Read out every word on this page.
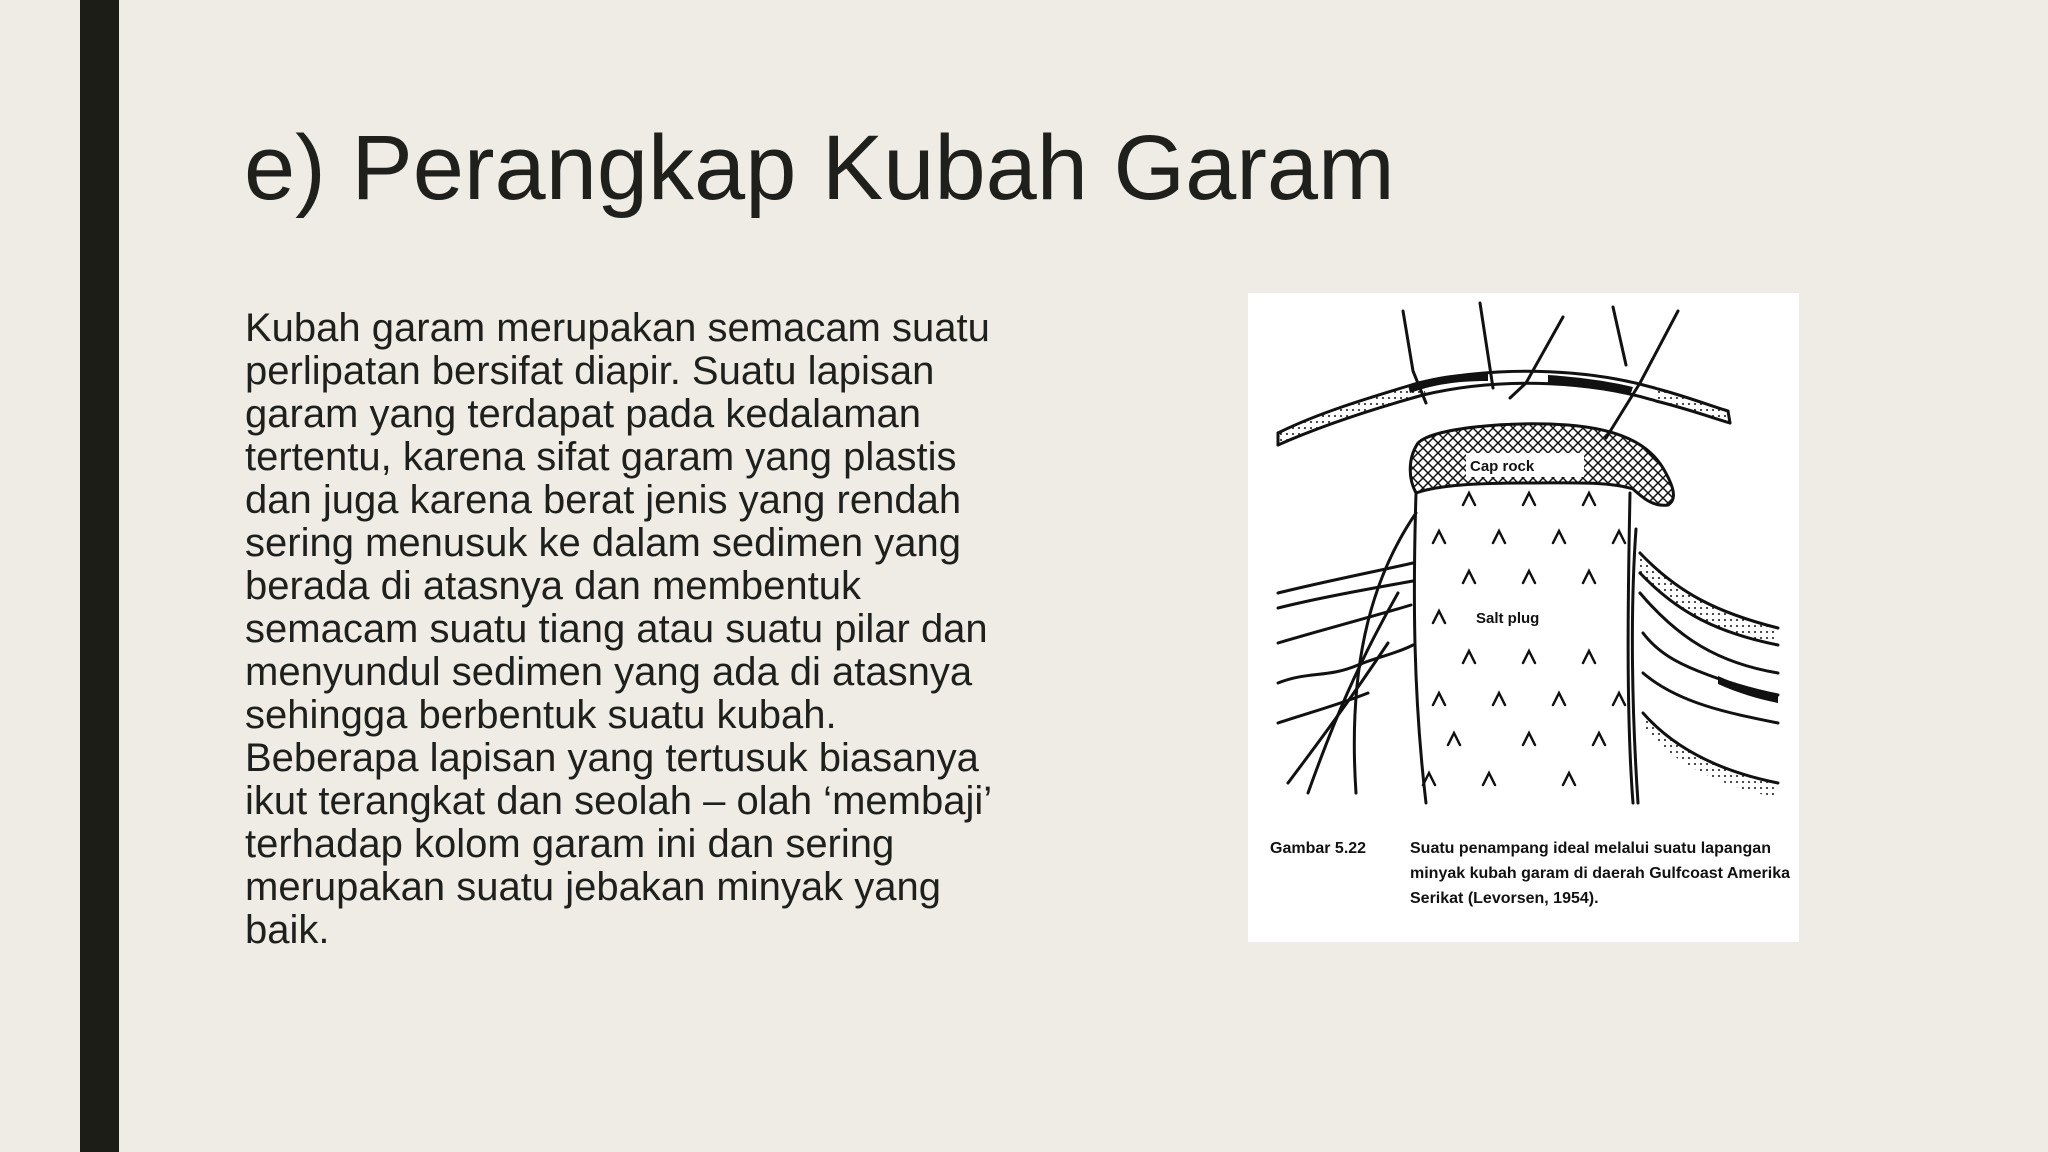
e) Perangkap Kubah Garam

Kubah garam merupakan semacam suatu
perlipatan bersifat diapir. Suatu lapisan
garam yang terdapat pada kedalaman
tertentu, karena sifat garam yang plastis
dan juga karena berat jenis yang rendah
sering menusuk ke dalam sedimen yang
berada di atasnya dan membentuk
semacam suatu tiang atau suatu pilar dan
menyundul sedimen yang ada di atasnya
sehingga berbentuk suatu kubah.
Beberapa lapisan yang tertusuk biasanya
ikut terangkat dan seolah – olah ‘membaji’
terhadap kolom garam ini dan sering
merupakan suatu jebakan minyak yang
baik.

Cap rock
Salt plug
Gambar 5.22	Suatu penampang ideal melalui suatu lapangan minyak kubah garam di daerah Gulfcoast Amerika Serikat (Levorsen, 1954).
